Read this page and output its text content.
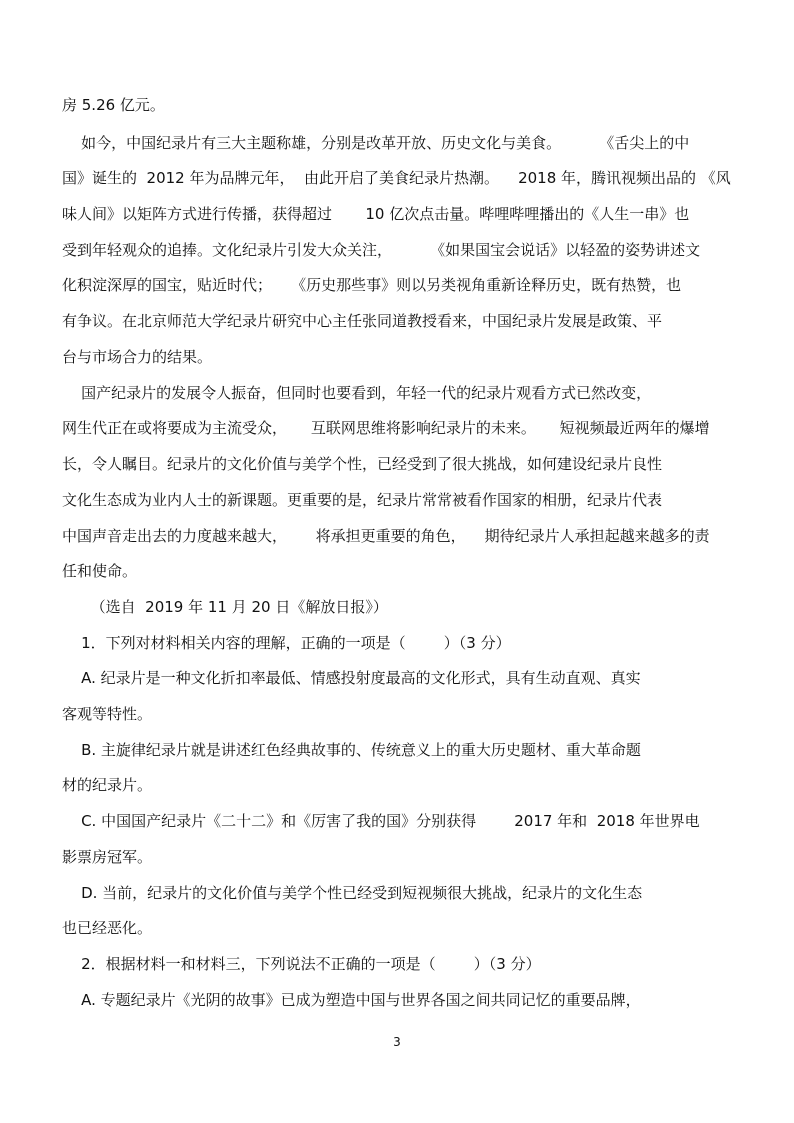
房 5.26 亿元。

如今，中国纪录片有三大主题称雄，分别是改革开放、历史文化与美食。        《舌尖上的中

国》诞生的  2012 年为品牌元年，  由此开启了美食纪录片热潮。    2018 年，腾讯视频出品的 《风

味人间》以矩阵方式进行传播，获得超过       10 亿次点击量。哔哩哔哩播出的《人生一串》也

受到年轻观众的追捧。文化纪录片引发大众关注，        《如果国宝会说话》以轻盈的姿势讲述文

化积淀深厚的国宝，贴近时代；    《历史那些事》则以另类视角重新诠释历史，既有热赞，也

有争议。在北京师范大学纪录片研究中心主任张同道教授看来，中国纪录片发展是政策、平

台与市场合力的结果。

国产纪录片的发展令人振奋，但同时也要看到，年轻一代的纪录片观看方式已然改变，

网生代正在或将要成为主流受众，     互联网思维将影响纪录片的未来。     短视频最近两年的爆增

长，令人瞩目。纪录片的文化价值与美学个性，已经受到了很大挑战，如何建设纪录片良性

文化生态成为业内人士的新课题。更重要的是，纪录片常常被看作国家的相册，纪录片代表

中国声音走出去的力度越来越大，      将承担更重要的角色，    期待纪录片人承担起越来越多的责

任和使命。

（选自  2019 年 11 月 20 日《解放日报》）

1．下列对材料相关内容的理解，正确的一项是（        ）（3 分）

A. 纪录片是一种文化折扣率最低、情感投射度最高的文化形式，具有生动直观、真实

客观等特性。

B. 主旋律纪录片就是讲述红色经典故事的、传统意义上的重大历史题材、重大革命题

材的纪录片。

C. 中国国产纪录片《二十二》和《厉害了我的国》分别获得        2017 年和  2018 年世界电

影票房冠军。

D. 当前，纪录片的文化价值与美学个性已经受到短视频很大挑战，纪录片的文化生态

也已经恶化。

2．根据材料一和材料三，下列说法不正确的一项是（        ）（3 分）

A. 专题纪录片《光阴的故事》已成为塑造中国与世界各国之间共同记忆的重要品牌，

3
